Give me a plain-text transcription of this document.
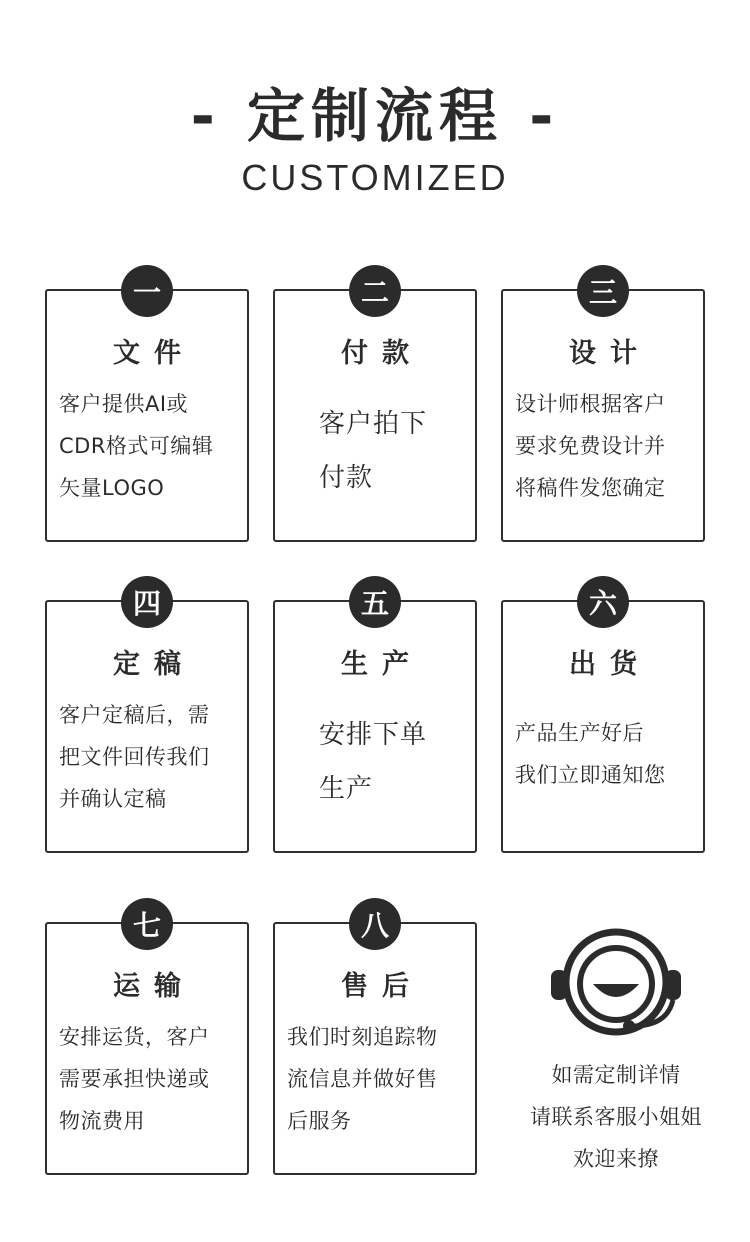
- 定制流程 -
CUSTOMIZED
一
文件
客户提供AI或
CDR格式可编辑
矢量LOGO
二
付款
客户拍下
付款
三
设计
设计师根据客户
要求免费设计并
将稿件发您确定
四
定稿
客户定稿后，需
把文件回传我们
并确认定稿
五
生产
安排下单
生产
六
出货
产品生产好后
我们立即通知您
七
运输
安排运货，客户
需要承担快递或
物流费用
八
售后
我们时刻追踪物
流信息并做好售
后服务
如需定制详情
请联系客服小姐姐
欢迎来撩
